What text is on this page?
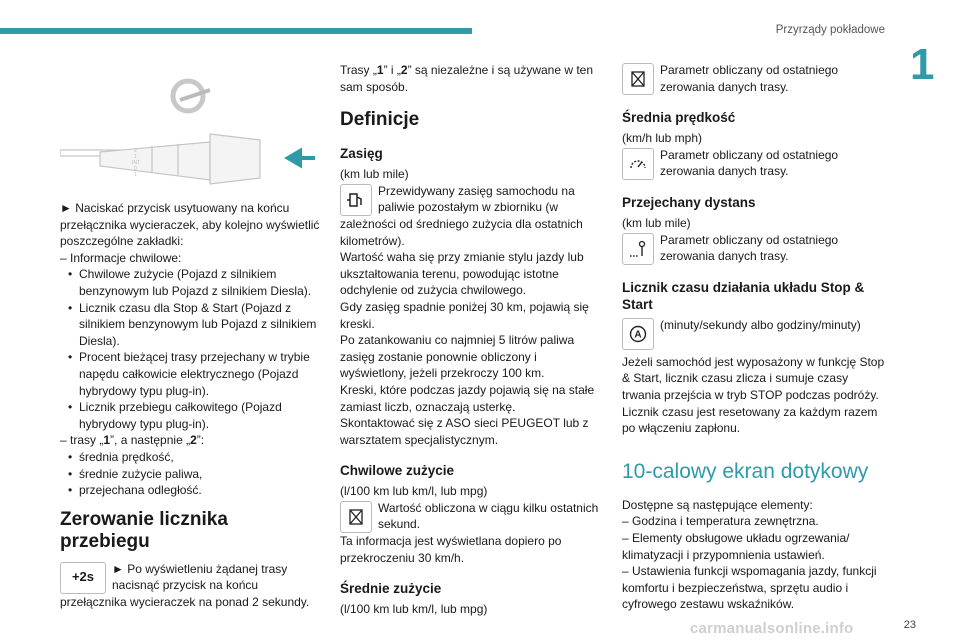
Przyrządy pokładowe
1
2
1
INT
0
1

► Naciskać przycisk usytuowany na końcu przełącznika wycieraczek, aby kolejno wyświetlić poszczególne zakładki:

– Informacje chwilowe:

• Chwilowe zużycie (Pojazd z silnikiem benzynowym lub Pojazd z silnikiem Diesla).

• Licznik czasu dla Stop & Start (Pojazd z silnikiem benzynowym lub Pojazd z silnikiem Diesla).

• Procent bieżącej trasy przejechany w trybie napędu całkowicie elektrycznego (Pojazd hybrydowy typu plug-in).

• Licznik przebiegu całkowitego (Pojazd hybrydowy typu plug-in).

– trasy „1”, a następnie „2”:

• średnia prędkość,

• średnie zużycie paliwa,

• przejechana odległość.

Zerowanie licznika przebiegu
+2s

► Po wyświetleniu żądanej trasy nacisnąć przycisk na końcu przełącznika wycieraczek na ponad 2 sekundy.

Trasy „1” i „2” są niezależne i są używane w ten sam sposób.

Definicje
Zasięg

(km lub mile)

Przewidywany zasięg samochodu na paliwie pozostałym w zbiorniku (w zależności od średniego zużycia dla ostatnich kilometrów).

Wartość waha się przy zmianie stylu jazdy lub ukształtowania terenu, powodując istotne odchylenie od zużycia chwilowego.

Gdy zasięg spadnie poniżej 30 km, pojawią się kreski.

Po zatankowaniu co najmniej 5 litrów paliwa zasięg zostanie ponownie obliczony i wyświetlony, jeżeli przekroczy 100 km.

Kreski, które podczas jazdy pojawią się na stałe zamiast liczb, oznaczają usterkę.

Skontaktować się z ASO sieci PEUGEOT lub z warsztatem specjalistycznym.

Chwilowe zużycie

(l/100 km lub km/l, lub mpg)

Wartość obliczona w ciągu kilku ostatnich sekund.

Ta informacja jest wyświetlana dopiero po przekroczeniu 30 km/h.

Średnie zużycie

(l/100 km lub km/l, lub mpg)

Parametr obliczany od ostatniego zerowania danych trasy.

Średnia prędkość

(km/h lub mph)

Parametr obliczany od ostatniego zerowania danych trasy.

Przejechany dystans

(km lub mile)

Parametr obliczany od ostatniego zerowania danych trasy.

Licznik czasu działania układu Stop & Start
A

(minuty/sekundy albo godziny/minuty)

Jeżeli samochód jest wyposażony w funkcję Stop & Start, licznik czasu zlicza i sumuje czasy trwania przejścia w tryb STOP podczas podróży.

Licznik czasu jest resetowany za każdym razem po włączeniu zapłonu.

10-calowy ekran dotykowy

Dostępne są następujące elementy:

– Godzina i temperatura zewnętrzna.

– Elementy obsługowe układu ogrzewania/ klimatyzacji i przypomnienia ustawień.

– Ustawienia funkcji wspomagania jazdy, funkcji komfortu i bezpieczeństwa, sprzętu audio i cyfrowego zestawu wskaźników.

carmanualsonline.info	23
